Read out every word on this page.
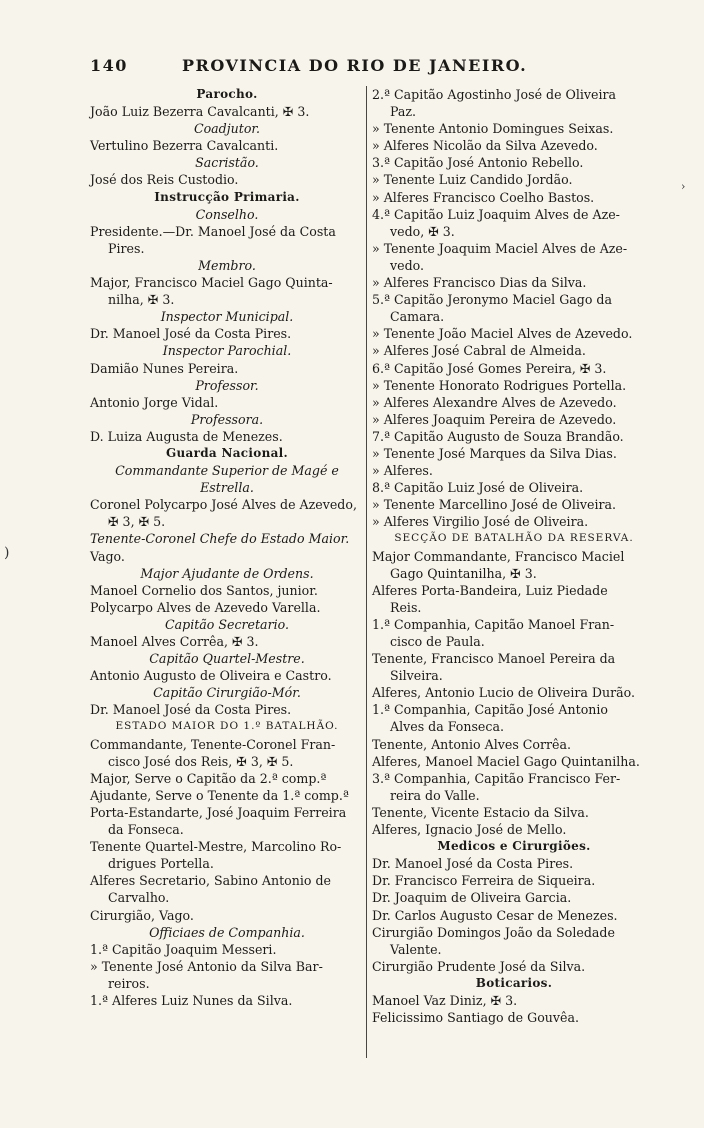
140	PROVINCIA DO RIO DE JANEIRO.
Parocho.
João Luiz Bezerra Cavalcanti, ✠ 3.
Coadjutor.
Vertulino Bezerra Cavalcanti.
Sacristão.
José dos Reis Custodio.
Instrucção Primaria.
Conselho.
Presidente.—Dr. Manoel José da Costa
Pires.
Membro.
Major, Francisco Maciel Gago Quinta-
nilha, ✠ 3.
Inspector Municipal.
Dr. Manoel José da Costa Pires.
Inspector Parochial.
Damião Nunes Pereira.
Professor.
Antonio Jorge Vidal.
Professora.
D. Luiza Augusta de Menezes.
Guarda Nacional.
Commandante Superior de Magé e
Estrella.
Coronel Polycarpo José Alves de Azevedo,
✠ 3, ✠ 5.
Tenente-Coronel Chefe do Estado Maior.
Vago.
Major Ajudante de Ordens.
Manoel Cornelio dos Santos, junior.
Polycarpo Alves de Azevedo Varella.
Capitão Secretario.
Manoel Alves Corrêa, ✠ 3.
Capitão Quartel-Mestre.
Antonio Augusto de Oliveira e Castro.
Capitão Cirurgião-Mór.
Dr. Manoel José da Costa Pires.
ESTADO MAIOR DO 1.º BATALHÃO.
Commandante, Tenente-Coronel Fran-
cisco José dos Reis, ✠ 3, ✠ 5.
Major, Serve o Capitão da 2.ª comp.ª
Ajudante, Serve o Tenente da 1.ª comp.ª
Porta-Estandarte, José Joaquim Ferreira
da Fonseca.
Tenente Quartel-Mestre, Marcolino Ro-
drigues Portella.
Alferes Secretario, Sabino Antonio de
Carvalho.
Cirurgião, Vago.
Officiaes de Companhia.
1.ª Capitão Joaquim Messeri.
» Tenente José Antonio da Silva Bar-
reiros.
1.ª Alferes Luiz Nunes da Silva.
2.ª Capitão Agostinho José de Oliveira
Paz.
» Tenente Antonio Domingues Seixas.
» Alferes Nicolão da Silva Azevedo.
3.ª Capitão José Antonio Rebello.
» Tenente Luiz Candido Jordão.
» Alferes Francisco Coelho Bastos.
4.ª Capitão Luiz Joaquim Alves de Aze-
vedo, ✠ 3.
» Tenente Joaquim Maciel Alves de Aze-
vedo.
» Alferes Francisco Dias da Silva.
5.ª Capitão Jeronymo Maciel Gago da
Camara.
» Tenente João Maciel Alves de Azevedo.
» Alferes José Cabral de Almeida.
6.ª Capitão José Gomes Pereira, ✠ 3.
» Tenente Honorato Rodrigues Portella.
» Alferes Alexandre Alves de Azevedo.
» Alferes Joaquim Pereira de Azevedo.
7.ª Capitão Augusto de Souza Brandão.
» Tenente José Marques da Silva Dias.
» Alferes.
8.ª Capitão Luiz José de Oliveira.
» Tenente Marcellino José de Oliveira.
» Alferes Virgilio José de Oliveira.
SECÇÃO DE BATALHÃO DA RESERVA.
Major Commandante, Francisco Maciel
Gago Quintanilha, ✠ 3.
Alferes Porta-Bandeira, Luiz Piedade
Reis.
1.ª Companhia, Capitão Manoel Fran-
cisco de Paula.
Tenente, Francisco Manoel Pereira da
Silveira.
Alferes, Antonio Lucio de Oliveira Durão.
1.ª Companhia, Capitão José Antonio
Alves da Fonseca.
Tenente, Antonio Alves Corrêa.
Alferes, Manoel Maciel Gago Quintanilha.
3.ª Companhia, Capitão Francisco Fer-
reira do Valle.
Tenente, Vicente Estacio da Silva.
Alferes, Ignacio José de Mello.
Medicos e Cirurgiões.
Dr. Manoel José da Costa Pires.
Dr. Francisco Ferreira de Siqueira.
Dr. Joaquim de Oliveira Garcia.
Dr. Carlos Augusto Cesar de Menezes.
Cirurgião Domingos João da Soledade
Valente.
Cirurgião Prudente José da Silva.
Boticarios.
Manoel Vaz Diniz, ✠ 3.
Felicissimo Santiago de Gouvêa.
)
›
